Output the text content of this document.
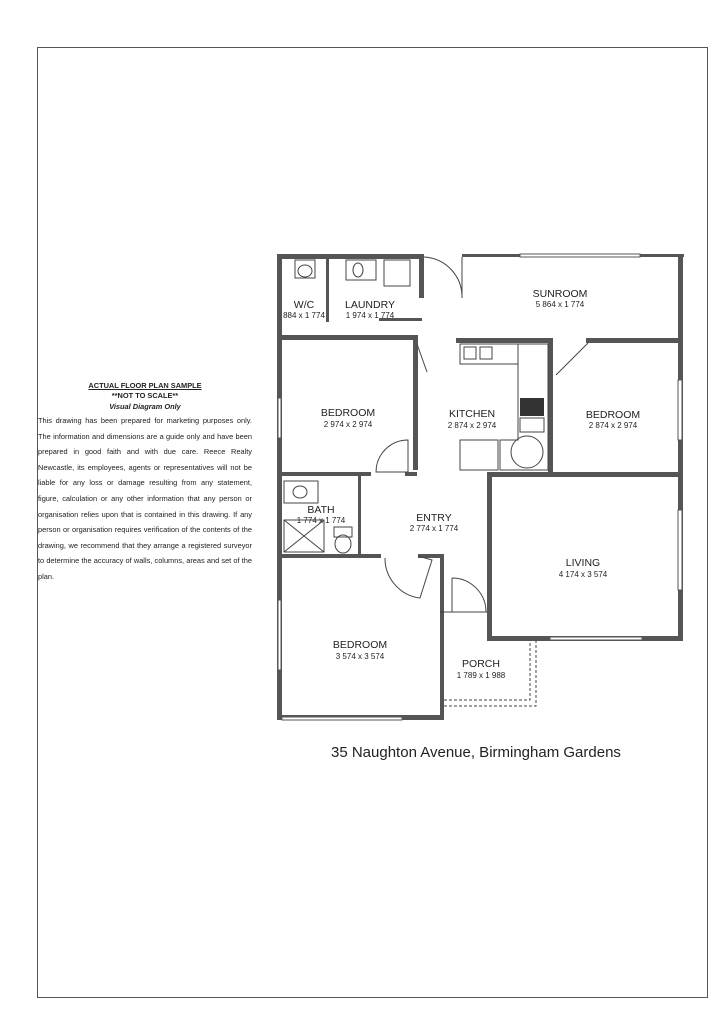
ACTUAL FLOOR PLAN SAMPLE
**NOT TO SCALE**
Visual Diagram Only
This drawing has been prepared for marketing purposes only. The information and dimensions are a guide only and have been prepared in good faith and with due care. Reece Realty Newcastle, its employees, agents or representatives will not be liable for any loss or damage resulting from any statement, figure, calculation or any other information that any person or organisation relies upon that is contained in this drawing. If any person or organisation requires verification of the contents of the drawing, we recommend that they arrange a registered surveyor to determine the accuracy of walls, columns, areas and set of the plan.
W/C
884 x 1 774
LAUNDRY
1 974 x 1 774
SUNROOM
5 864 x 1 774
BEDROOM
2 974 x 2 974
KITCHEN
2 874 x 2 974
BEDROOM
2 874 x 2 974
BATH
1 774 x 1 774	ENTRY
2 774 x 1 774
LIVING
4 174 x 3 574
BEDROOM
3 574 x 3 574
PORCH
1 789 x 1 988
35 Naughton Avenue, Birmingham Gardens
